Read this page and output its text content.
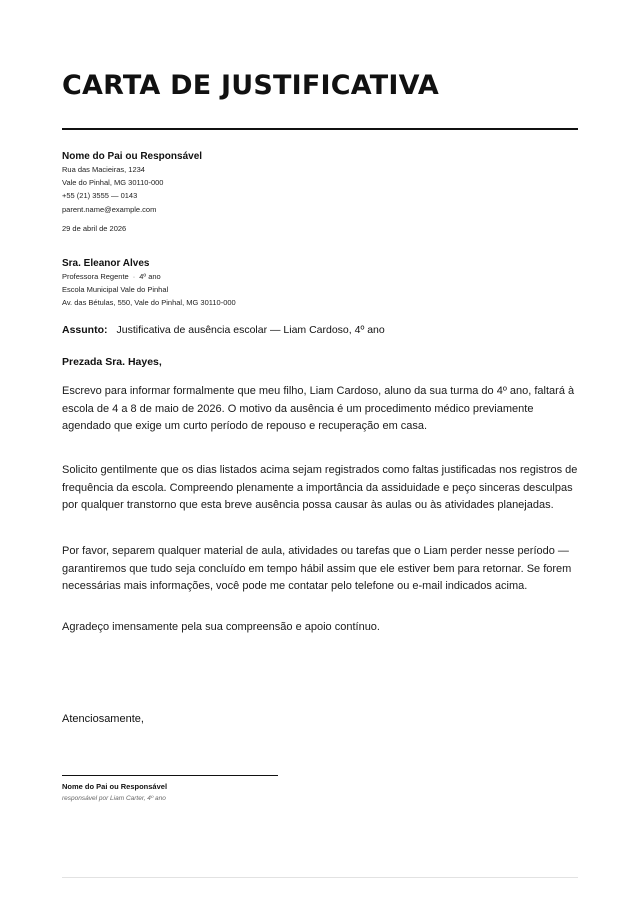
CARTA DE JUSTIFICATIVA
Nome do Pai ou Responsável
Rua das Macieiras, 1234
Vale do Pinhal, MG 30110-000
+55 (21) 3555 — 0143
parent.name@example.com
29 de abril de 2026
Sra. Eleanor Alves
Professora Regente · 4º ano
Escola Municipal Vale do Pinhal
Av. das Bétulas, 550, Vale do Pinhal, MG 30110-000
Assunto: Justificativa de ausência escolar — Liam Cardoso, 4º ano
Prezada Sra. Hayes,

Escrevo para informar formalmente que meu filho, Liam Cardoso, aluno da sua turma do 4º ano, faltará à escola de 4 a 8 de maio de 2026. O motivo da ausência é um procedimento médico previamente agendado que exige um curto período de repouso e recuperação em casa.

Solicito gentilmente que os dias listados acima sejam registrados como faltas justificadas nos registros de frequência da escola. Compreendo plenamente a importância da assiduidade e peço sinceras desculpas por qualquer transtorno que esta breve ausência possa causar às aulas ou às atividades planejadas.

Por favor, separem qualquer material de aula, atividades ou tarefas que o Liam perder nesse período — garantiremos que tudo seja concluído em tempo hábil assim que ele estiver bem para retornar. Se forem necessárias mais informações, você pode me contatar pelo telefone ou e-mail indicados acima.

Agradeço imensamente pela sua compreensão e apoio contínuo.

Atenciosamente,
Nome do Pai ou Responsável
responsável por Liam Carter, 4º ano
